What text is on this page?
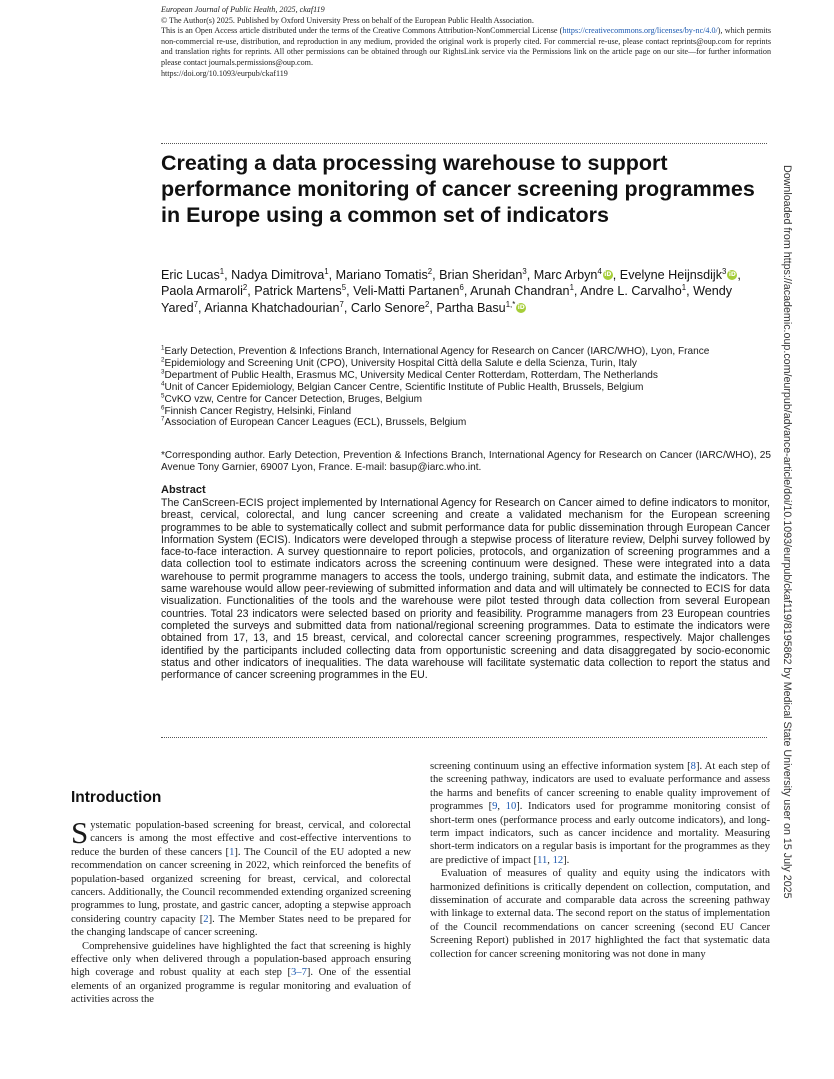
European Journal of Public Health, 2025, ckaf119
© The Author(s) 2025. Published by Oxford University Press on behalf of the European Public Health Association.
This is an Open Access article distributed under the terms of the Creative Commons Attribution-NonCommercial License (https://creativecommons.org/licenses/by-nc/4.0/), which permits non-commercial re-use, distribution, and reproduction in any medium, provided the original work is properly cited. For commercial re-use, please contact reprints@oup.com for reprints and translation rights for reprints. All other permissions can be obtained through our RightsLink service via the Permissions link on the article page on our site—for further information please contact journals.permissions@oup.com.
https://doi.org/10.1093/eurpub/ckaf119
Creating a data processing warehouse to support performance monitoring of cancer screening programmes in Europe using a common set of indicators
Eric Lucas$^1$, Nadya Dimitrova$^1$, Mariano Tomatis$^2$, Brian Sheridan$^3$, Marc Arbyn$^4$ iD, Evelyne Heijnsdijk$^3$ iD, Paola Armaroli$^2$, Patrick Martens$^5$, Veli-Matti Partanen$^6$, Arunah Chandran$^1$, Andre L. Carvalho$^1$, Wendy Yared$^7$, Arianna Khatchadourian$^7$, Carlo Senore$^2$, Partha Basu$^{1,*}$ iD
$^1$Early Detection, Prevention & Infections Branch, International Agency for Research on Cancer (IARC/WHO), Lyon, France
$^2$Epidemiology and Screening Unit (CPO), University Hospital Città della Salute e della Scienza, Turin, Italy
$^3$Department of Public Health, Erasmus MC, University Medical Center Rotterdam, Rotterdam, The Netherlands
$^4$Unit of Cancer Epidemiology, Belgian Cancer Centre, Scientific Institute of Public Health, Brussels, Belgium
$^5$CvKO vzw, Centre for Cancer Detection, Bruges, Belgium
$^6$Finnish Cancer Registry, Helsinki, Finland
$^7$Association of European Cancer Leagues (ECL), Brussels, Belgium
*Corresponding author. Early Detection, Prevention & Infections Branch, International Agency for Research on Cancer (IARC/WHO), 25 Avenue Tony Garnier, 69007 Lyon, France. E-mail: basup@iarc.who.int.
Abstract

The CanScreen-ECIS project implemented by International Agency for Research on Cancer aimed to define indicators to monitor, breast, cervical, colorectal, and lung cancer screening and create a validated mechanism for the European screening programmes to be able to systematically collect and submit performance data for public dissemination through European Cancer Information System (ECIS). Indicators were developed through a stepwise process of literature review, Delphi survey followed by face-to-face interaction. A survey questionnaire to report policies, protocols, and organization of screening programmes and a data collection tool to estimate indicators across the screening continuum were designed. These were integrated into a data warehouse to permit programme managers to access the tools, undergo training, submit data, and estimate the indicators. The same warehouse would allow peer-reviewing of submitted information and data and will ultimately be connected to ECIS for data visualization. Functionalities of the tools and the warehouse were pilot tested through data collection from several European countries. Total 23 indicators were selected based on priority and feasibility. Programme managers from 23 European countries completed the surveys and submitted data from national/regional screening programmes. Data to estimate the indicators were obtained from 17, 13, and 15 breast, cervical, and colorectal cancer screening programmes, respectively. Major challenges identified by the participants included collecting data from opportunistic screening and data disaggregated by socio-economic status and other indicators of inequalities. The data warehouse will facilitate systematic data collection to report the status and performance of cancer screening programmes in the EU.

Introduction

Systematic population-based screening for breast, cervical, and colorectal cancers is among the most effective and cost-effective interventions to reduce the burden of these cancers [1]. The Council of the EU adopted a new recommendation on cancer screening in 2022, which reinforced the benefits of population-based organized screening for breast, cervical, and colorectal cancers. Additionally, the Council recommended extending organized screening programmes to lung, prostate, and gastric cancer, adopting a stepwise approach considering country capacity [2]. The Member States need to be prepared for the changing landscape of cancer screening.

Comprehensive guidelines have highlighted the fact that screening is highly effective only when delivered through a population-based approach ensuring high coverage and robust quality at each step [3–7]. One of the essential elements of an organized programme is regular monitoring and evaluation of activities across the

screening continuum using an effective information system [8]. At each step of the screening pathway, indicators are used to evaluate performance and assess the harms and benefits of cancer screening to enable quality improvement of programmes [9, 10]. Indicators used for programme monitoring consist of short-term ones (performance process and early outcome indicators), and long-term impact indicators, such as cancer incidence and mortality. Measuring short-term indicators on a regular basis is important for the programmes as they are predictive of impact [11, 12].

Evaluation of measures of quality and equity using the indicators with harmonized definitions is critically dependent on collection, computation, and dissemination of accurate and comparable data across the screening pathway with linkage to external data. The second report on the status of implementation of the Council recommendations on cancer screening (second EU Cancer Screening Report) published in 2017 highlighted the fact that systematic data collection for cancer screening monitoring was not done in many

Downloaded from https://academic.oup.com/eurpub/advance-article/doi/10.1093/eurpub/ckaf119/8195862 by Medical State University user on 15 July 2025
